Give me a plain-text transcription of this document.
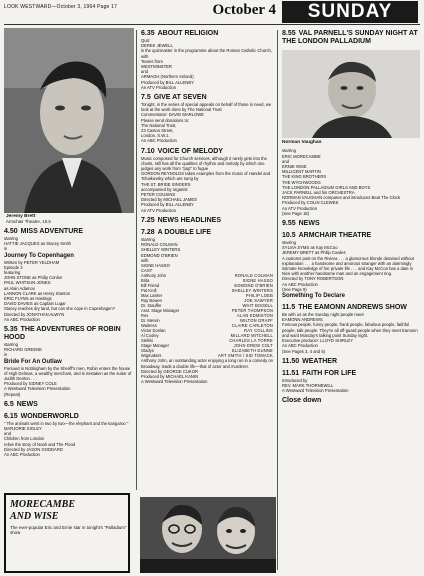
LOOK WESTWARD—October 3, 1964 Page 17	October 4	SUNDAY
Jeremy Brett
Armchair Theatre, 10.5
4.50 MISS ADVENTURE
starring
HATTIE JACQUES as Stacey Smith
in
Journey To Copenhagen
Written by PETER YELDHAM
Episode 3
featuring
JOHN STONE as Philip Conlon
PAUL WHITSUN-JONES
as Alain Adamov
LANNON CLARK as Henry Stanton
ERIC FLYNN as Hastings
DAVID DAVIES as Captain Lugar
Stacey reaches dry land, but can she cope in Copenhagen?
Directed by JONATHAN ALWYN
An ABC Production
5.35 THE ADVENTURES OF ROBIN HOOD
starring
RICHARD GREENE
in
Bride For An Outlaw
Pursued in Nottingham by the Sheriff's men, Robin enters the house of High Delmas, a wealthy merchant, and is mistaken as the suitor of Judith Denton . . .
Produced by SIDNEY COLE
A Westward Television Presentation
(Repeat)
6.5 NEWS
6.15 WONDERWORLD
" The animals went in two by two—the elephant and the kangaroo "
MARJORIE SIGLEY
and
Children from London
relive the story of Noah and The Flood
Directed by JASON GODDARD
An ABC Production
6.35 ABOUT RELIGION
Quiz
DEREK JEWELL
is the quizmaster in the programme about the Roman Catholic Church,
with
Teams from
WESTMINSTER
and
ARMAGH (Northern Ireland)
Produced by BILL ALLENBY
An ATV Production
7.5 GIVE AT SEVEN
Tonight, in the series of special appeals on behalf of those in need, we look at the work done by The National Trust
Commentator: DAVID MARLOWE
Please send donations to:
The National Trust,
23 Caxton Street,
London, S.W.1.
An ABC Production
7.10 VOICE OF MELODY
Music composed for Church services, although it rarely gets into the charts, still has all the qualities of rhythm and melody by which one judges any work from "pop" to fugue
GORDON REYNOLDS takes examples from the music of Handel and Tchaikovsky which are sung by
THE ST. BRIDE SINGERS
accompanied by organist
PETER COUSINS
Directed by MICHAEL JAMES
Produced by BILL ALLENBY
An ATV Production
7.25 NEWS HEADLINES
7.28 A DOUBLE LIFE
starring
RONALD COLMAN
SHELLEY WINTERS
EDMOND O'BRIEN
with
SIGNE HASSO
CAST
Anthony John	RONALD COLMAN
Brita	SIGNE HASSO
Bill Friend	EDMOND O'BRIEN
Pat Kroll	SHELLEY WINTERS
Max Lasker	PHILIP LOEB
Ray Bowen	JOE SAWYER
Dr. Stauffer	WHIT BISSELL
Asst. Stage Manager	PETER THOMPSON
Rex	ALAN EDMISTON
Dr. Mervin	WILTON GRAFF
Waitress	CLAIRE CARLETON
Victor Donlan	RAY COLLINS
Al Cooley	MILLARD MITCHELL
Stellini	CHARLES LA TORRE
Stage Manager	JOHN DREW COLT
Gladys	ELIZABETH DUNNE
Wigmakers	ART SMITH / SID TOMACK
Anthony John, an outstanding actor enjoying a long run in a comedy on Broadway, leads a double life—that of actor and murderer.
Directed by GEORGE CUKOR
Produced by MICHAEL KANIN
A Westward Television Presentation
8.55 VAL PARNELL'S SUNDAY NIGHT AT THE LONDON PALLADIUM
Norman Vaughan
starring
ERIC MORECAMBE
and
ERNIE WISE
MILLICENT MARTIN
THE KING BROTHERS
THE WYCHWOODS
THE LONDON PALLADIUM GIRLS AND BOYS
JACK PARNELL and his ORCHESTRA
NORMAN VAUGHAN compares and introduces Beat The Clock
Produced by COLIN CLEWES
An ATV Production
(See Page 18)
9.55 NEWS
10.5 ARMCHAIR THEATRE
starring
SYLVIA SYMS as Kay McCoo
JEREMY BRETT as Philip Cowles
A customs post on the Riviera . . . a glamorous blonde detained without explanation . . . a handsome and amorous stranger with an alarmingly intimate knowledge of her private life . . . and Kay McCoo has a date in Nice with another handsome man and an engagement ring.
Directed by TONY ROBERTSON
An ABC Production
(See Page 9)
Something To Declare
11.5 THE EAMONN ANDREWS SHOW
Be with us as the Sunday night people meet
EAMONN ANDREWS
Famous people, funny people, frank people, fabulous people, faithful people, talk people. They're all off-guard people when they meet Eamonn and want Monday's talking point Sunday night.
Executive producer: LLOYD SHIRLEY
An ABC Production
(See Pages 3, 4 and 5)
11.50 WEATHER
11.51 FAITH FOR LIFE
Introduced by
REV. MARK THORNEWILL
A Westward Television Presentation
Close down
MORECAMBE
AND WISE
The ever-popular Eric and Ernie star in tonight's "Palladium" show
